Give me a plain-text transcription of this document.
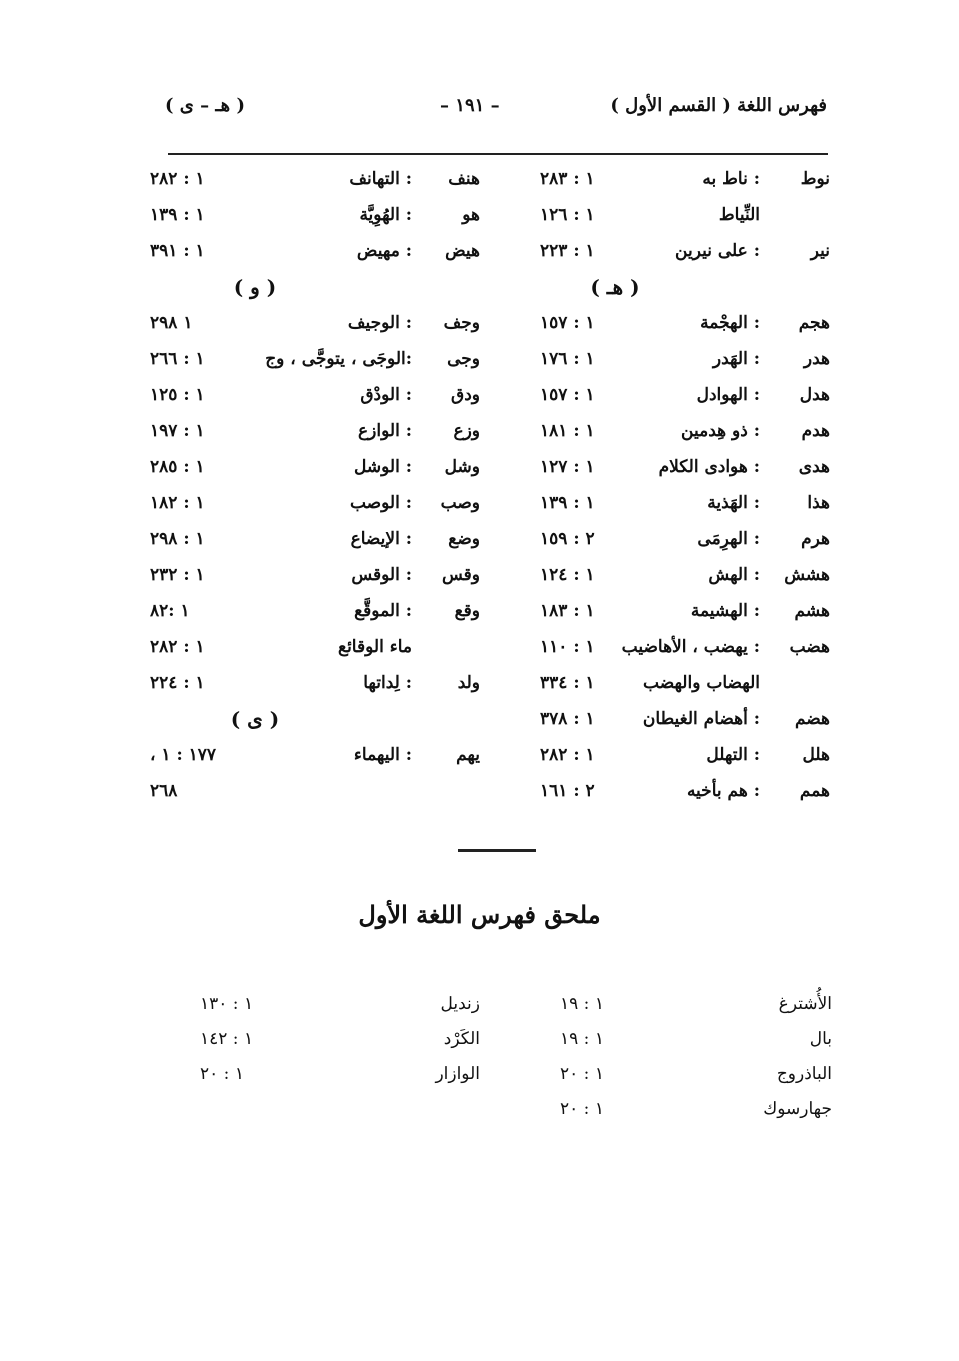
فهرس اللغة ( القسم الأول )
– ١٩١ –
( هـ – ى )
نوط
: ناط به
١ : ٢٨٣
النِّياط
١ : ١٢٦
نير
: على نيرين
١ : ٢٢٣
( هـ )
هجم
: الهجْمة
١ : ١٥٧
هدر
: الهَدر
١ : ١٧٦
هدل
: الهوادل
١ : ١٥٧
هدم
: ذو هِدمين
١ : ١٨١
هدى
: هوادى الكلام
١ : ١٢٧
هذا
: الهَذية
١ : ١٣٩
هرم
: الهرِمَى
٢ : ١٥٩
هشش
: الهش
١ : ١٢٤
هشم
: الهشيمة
١ : ١٨٣
هضب
: يهضب ، الأهاضيب
١ : ١١٠
الهضاب والهضب
١ : ٣٣٤
هضم
: أهضام الغيطان
١ : ٣٧٨
هلل
: التهلل
١ : ٢٨٢
همم
: هم بأخيه
٢ : ١٦١
هنف
: التهانف
١ : ٢٨٢
هو
: الهُوِيَّة
١ : ١٣٩
هيض
: مهيض
١ : ٣٩١
( و )
وجف
: الوجيف
١ ٢٩٨
وجى
:الوجَى ، يتوجَّى ، وج
١ : ٢٦٦
ودق
: الودْق
١ : ١٢٥
وزع
: الوازع
١ : ١٩٧
وشل
: الوشل
١ : ٢٨٥
وصب
: الوصب
١ : ١٨٢
وضع
: الإيضاع
١ : ٢٩٨
وقس
: الوقس
١ : ٢٣٢
وقع
: الموقَّع
١ :٨٢
ماء الوقائع
١ : ٢٨٢
ولد
: لِداتها
١ : ٢٢٤
( ى )
يهم
: اليهماء
، ١٧٧ : ١
٢٦٨
ملحق فهرس اللغة الأول
الأُشترغ
١ : ١٩
بال
١ : ١٩
الباذروج
١ : ٢٠
جهارسوك
١ : ٢٠
زنديل
١ : ١٣٠
الكَرْد
١ : ١٤٢
الوازار
١ : ٢٠
